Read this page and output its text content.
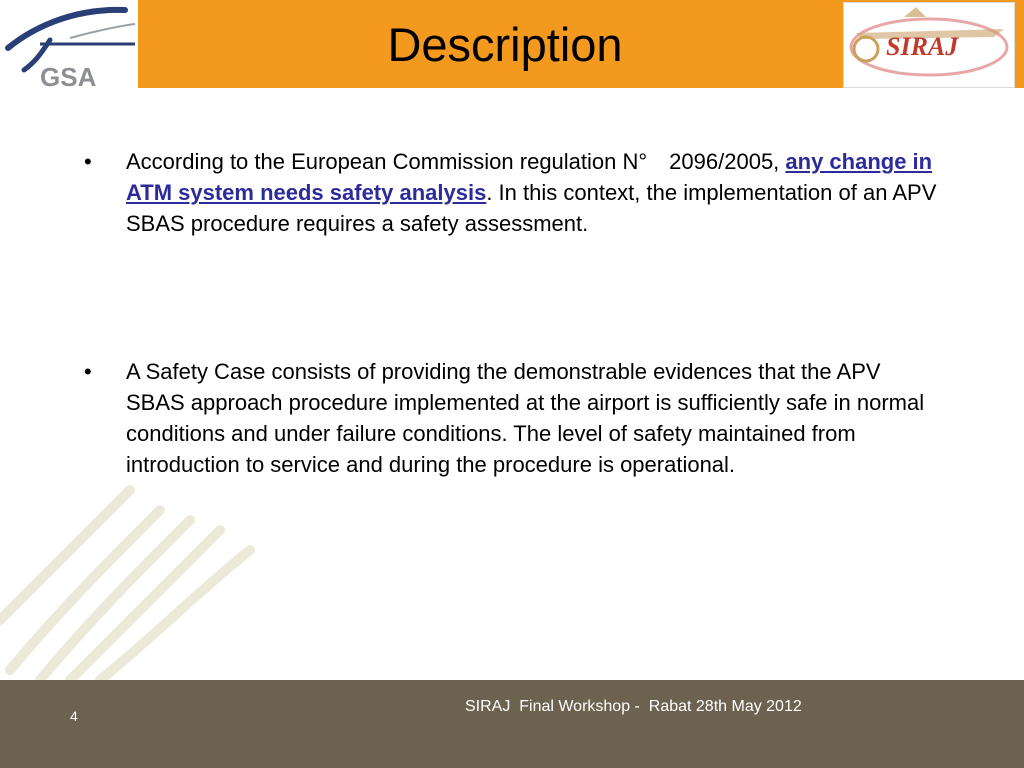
GSA
SIRAJ
Description
• According to the European Commission regulation N°　2096/2005, any change in ATM system needs safety analysis. In this context, the implementation of an APV SBAS procedure requires a safety assessment.
• A Safety Case consists of providing the demonstrable evidences that the APV SBAS approach procedure implemented at the airport is sufficiently safe in normal conditions and under failure conditions. The level of safety maintained from introduction to service and during the procedure is operational.
4
SIRAJ  Final Workshop -  Rabat 28th May 2012
